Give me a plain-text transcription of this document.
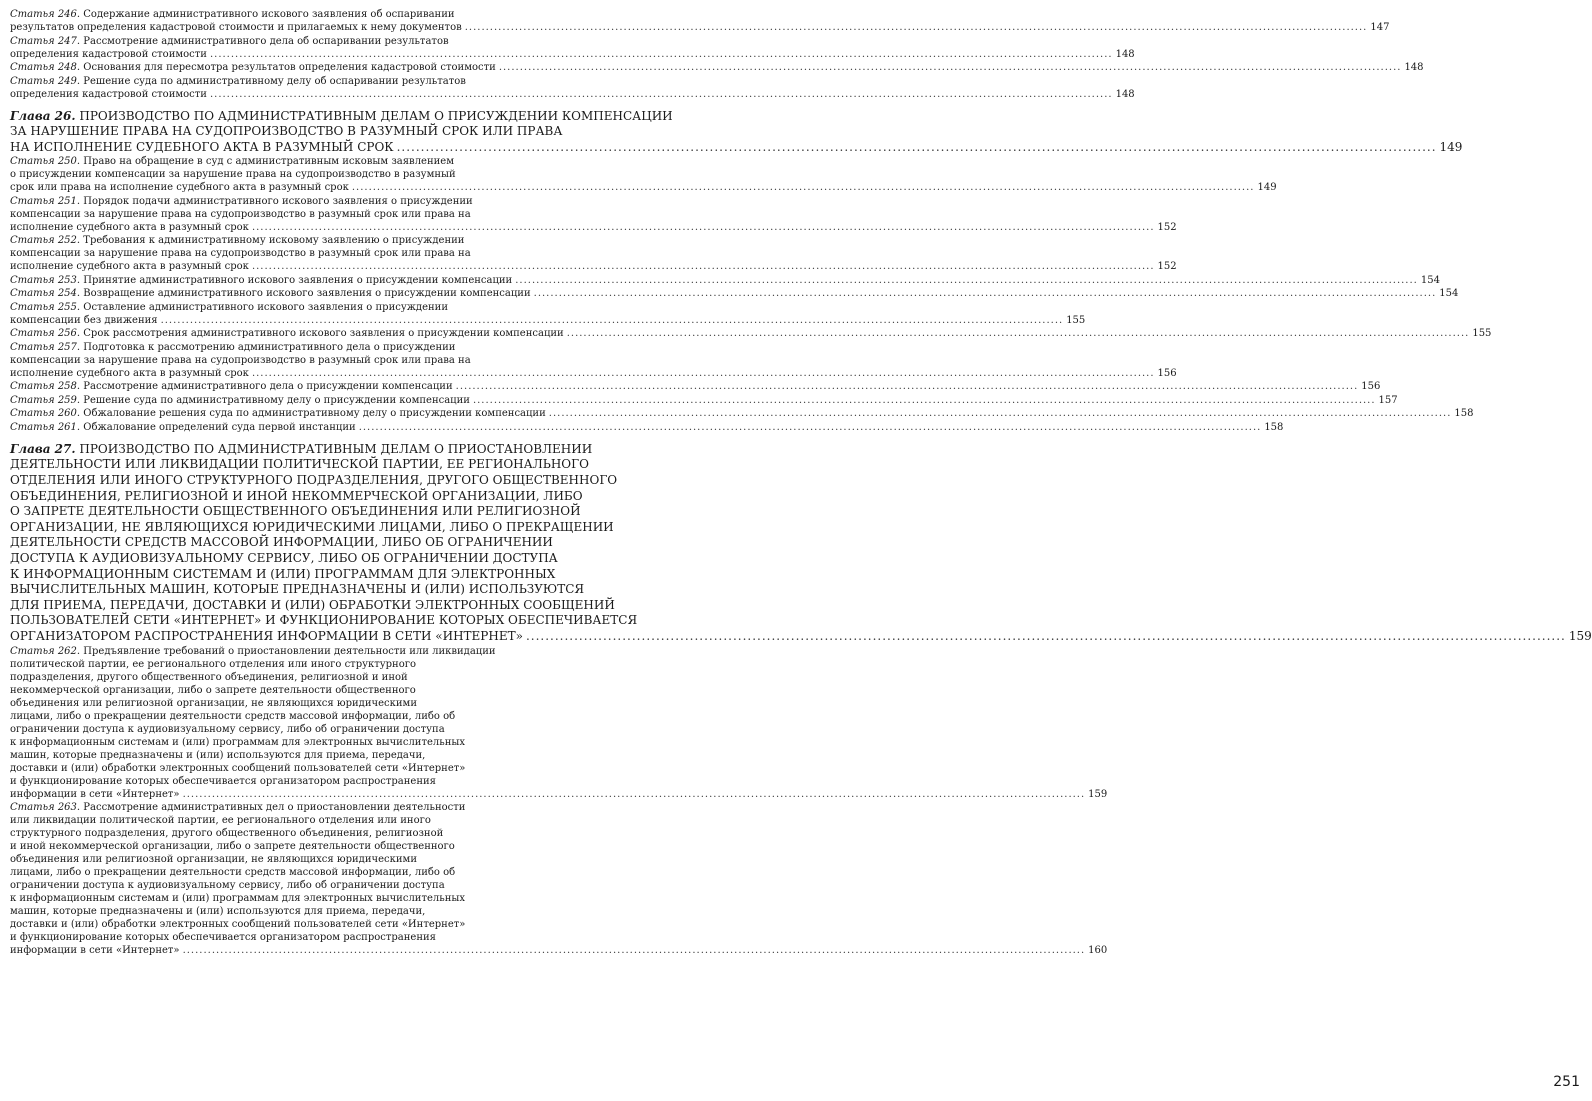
Статья 246. Содержание административного искового заявления об оспаривании
результатов определения кадастровой стоимости и прилагаемых к нему документов .....	147
Статья 247. Рассмотрение административного дела об оспаривании результатов
определения кадастровой стоимости .....	148
Статья 248. Основания для пересмотра результатов определения кадастровой стоимости .....	148
Статья 249. Решение суда по административному делу об оспаривании результатов
определения кадастровой стоимости .....	148
Глава 26. ПРОИЗВОДСТВО ПО АДМИНИСТРАТИВНЫМ ДЕЛАМ О ПРИСУЖДЕНИИ КОМПЕНСАЦИИ
ЗА НАРУШЕНИЕ ПРАВА НА СУДОПРОИЗВОДСТВО В РАЗУМНЫЙ СРОК ИЛИ ПРАВА
НА ИСПОЛНЕНИЕ СУДЕБНОГО АКТА В РАЗУМНЫЙ СРОК .....	149
Статья 250. Право на обращение в суд с административным исковым заявлением
о присуждении компенсации за нарушение права на судопроизводство в разумный
срок или права на исполнение судебного акта в разумный срок .....	149
Статья 251. Порядок подачи административного искового заявления о присуждении
компенсации за нарушение права на судопроизводство в разумный срок или права на
исполнение судебного акта в разумный срок .....	152
Статья 252. Требования к административному исковому заявлению о присуждении
компенсации за нарушение права на судопроизводство в разумный срок или права на
исполнение судебного акта в разумный срок .....	152
Статья 253. Принятие административного искового заявления о присуждении компенсации .....	154
Статья 254. Возвращение административного искового заявления о присуждении компенсации .....	154
Статья 255. Оставление административного искового заявления о присуждении
компенсации без движения .....	155
Статья 256. Срок рассмотрения административного искового заявления о присуждении компенсации .....	155
Статья 257. Подготовка к рассмотрению административного дела о присуждении
компенсации за нарушение права на судопроизводство в разумный срок или права на
исполнение судебного акта в разумный срок .....	156
Статья 258. Рассмотрение административного дела о присуждении компенсации .....	156
Статья 259. Решение суда по административному делу о присуждении компенсации .....	157
Статья 260. Обжалование решения суда по административному делу о присуждении компенсации .....	158
Статья 261. Обжалование определений суда первой инстанции .....	158
Глава 27. ПРОИЗВОДСТВО ПО АДМИНИСТРАТИВНЫМ ДЕЛАМ О ПРИОСТАНОВЛЕНИИ
ДЕЯТЕЛЬНОСТИ ИЛИ ЛИКВИДАЦИИ ПОЛИТИЧЕСКОЙ ПАРТИИ, ЕЕ РЕГИОНАЛЬНОГО
ОТДЕЛЕНИЯ ИЛИ ИНОГО СТРУКТУРНОГО ПОДРАЗДЕЛЕНИЯ, ДРУГОГО ОБЩЕСТВЕННОГО
ОБЪЕДИНЕНИЯ, РЕЛИГИОЗНОЙ И ИНОЙ НЕКОММЕРЧЕСКОЙ ОРГАНИЗАЦИИ, ЛИБО
О ЗАПРЕТЕ ДЕЯТЕЛЬНОСТИ ОБЩЕСТВЕННОГО ОБЪЕДИНЕНИЯ ИЛИ РЕЛИГИОЗНОЙ
ОРГАНИЗАЦИИ, НЕ ЯВЛЯЮЩИХСЯ ЮРИДИЧЕСКИМИ ЛИЦАМИ, ЛИБО О ПРЕКРАЩЕНИИ
ДЕЯТЕЛЬНОСТИ СРЕДСТВ МАССОВОЙ ИНФОРМАЦИИ, ЛИБО ОБ ОГРАНИЧЕНИИ
ДОСТУПА К АУДИОВИЗУАЛЬНОМУ СЕРВИСУ, ЛИБО ОБ ОГРАНИЧЕНИИ ДОСТУПА
К ИНФОРМАЦИОННЫМ СИСТЕМАМ И (ИЛИ) ПРОГРАММАМ ДЛЯ ЭЛЕКТРОННЫХ
ВЫЧИСЛИТЕЛЬНЫХ МАШИН, КОТОРЫЕ ПРЕДНАЗНАЧЕНЫ И (ИЛИ) ИСПОЛЬЗУЮТСЯ
ДЛЯ ПРИЕМА, ПЕРЕДАЧИ, ДОСТАВКИ И (ИЛИ) ОБРАБОТКИ ЭЛЕКТРОННЫХ СООБЩЕНИЙ
ПОЛЬЗОВАТЕЛЕЙ СЕТИ «ИНТЕРНЕТ» И ФУНКЦИОНИРОВАНИЕ КОТОРЫХ ОБЕСПЕЧИВАЕТСЯ
ОРГАНИЗАТОРОМ РАСПРОСТРАНЕНИЯ ИНФОРМАЦИИ В СЕТИ «ИНТЕРНЕТ» .....	159
Статья 262. Предъявление требований о приостановлении деятельности или ликвидации
политической партии, ее регионального отделения или иного структурного
подразделения, другого общественного объединения, религиозной и иной
некоммерческой организации, либо о запрете деятельности общественного
объединения или религиозной организации, не являющихся юридическими
лицами, либо о прекращении деятельности средств массовой информации, либо об
ограничении доступа к аудиовизуальному сервису, либо об ограничении доступа
к информационным системам и (или) программам для электронных вычислительных
машин, которые предназначены и (или) используются для приема, передачи,
доставки и (или) обработки электронных сообщений пользователей сети «Интернет»
и функционирование которых обеспечивается организатором распространения
информации в сети «Интернет» .....	159
Статья 263. Рассмотрение административных дел о приостановлении деятельности
или ликвидации политической партии, ее регионального отделения или иного
структурного подразделения, другого общественного объединения, религиозной
и иной некоммерческой организации, либо о запрете деятельности общественного
объединения или религиозной организации, не являющихся юридическими
лицами, либо о прекращении деятельности средств массовой информации, либо об
ограничении доступа к аудиовизуальному сервису, либо об ограничении доступа
к информационным системам и (или) программам для электронных вычислительных
машин, которые предназначены и (или) используются для приема, передачи,
доставки и (или) обработки электронных сообщений пользователей сети «Интернет»
и функционирование которых обеспечивается организатором распространения
информации в сети «Интернет» .....	160
251
